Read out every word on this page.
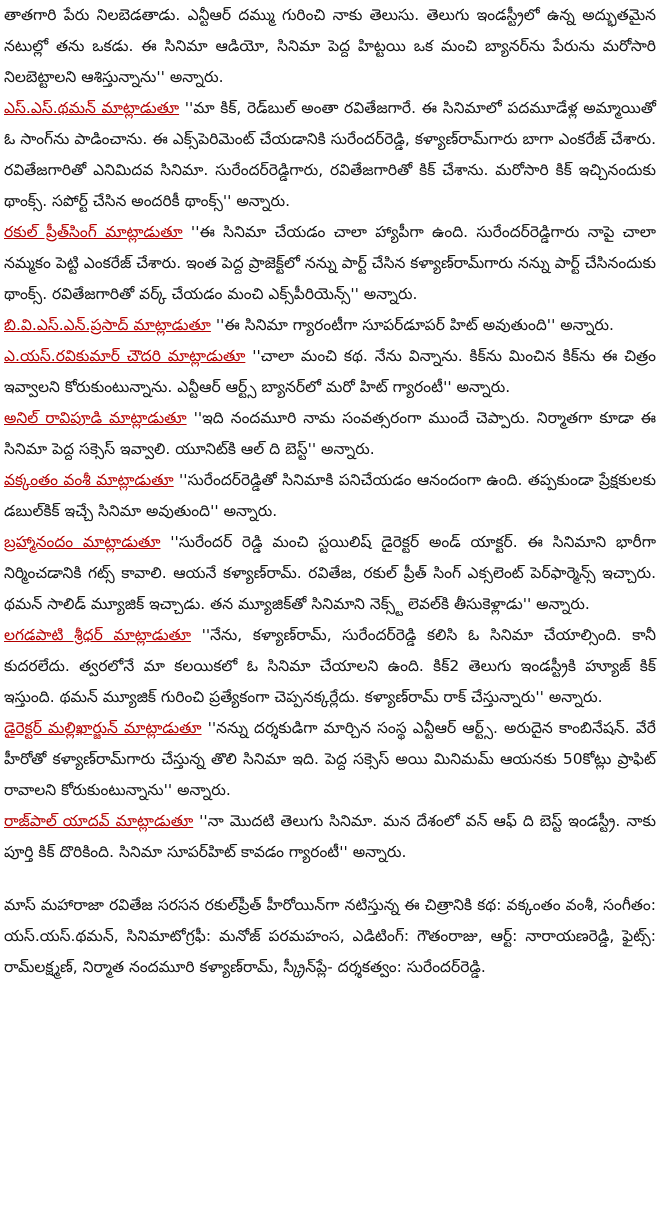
తాతగారి పేరు నిలబెడతాడు. ఎన్టీఆర్ దమ్ము గురించి నాకు తెలుసు. తెలుగు ఇండస్ట్రీలో ఉన్న అద్భుతమైన నటుల్లో తను ఒకడు. ఈ సినిమా ఆడియో, సినిమా పెద్ద హిట్టయి ఒక మంచి బ్యానర్‌ను పేరును మరోసారి నిలబెట్టాలని ఆశిస్తున్నాను'' అన్నారు.

ఎస్.ఎస్.థమన్ మాట్లాడుతూ ''మా కిక్, రెడ్‌బుల్ అంతా రవితేజగారే. ఈ సినిమాలో పదమూడేళ్ల అమ్మాయితో ఓ సాంగ్‌ను పాడించాను. ఈ ఎక్స్‌పెరిమెంట్ చేయడానికి సురేందర్‌రెడ్డి, కళ్యాణ్‌రామ్‌గారు బాగా ఎంకరేజ్ చేశారు. రవితేజగారితో ఎనిమిదవ సినిమా. సురేందర్‌రెడ్డిగారు, రవితేజగారితో కిక్ చేశాను. మరోసారి కిక్ ఇచ్చినందుకు థాంక్స్. సపోర్ట్ చేసిన అందరికీ థాంక్స్'' అన్నారు.

రకుల్ ప్రీత్‌సింగ్ మాట్లాడుతూ ''ఈ సినిమా చేయడం చాలా హ్యాపీగా ఉంది. సురేందర్‌రెడ్డిగారు నాపై చాలా నమ్మకం పెట్టి ఎంకరేజ్ చేశారు. ఇంత పెద్ద ప్రాజెక్ట్‌లో నన్ను పార్ట్ చేసిన కళ్యాణ్‌రామ్‌గారు నన్ను పార్ట్ చేసినందుకు థాంక్స్. రవితేజగారితో వర్క్ చేయడం మంచి ఎక్స్‌పీరియెన్స్'' అన్నారు.

బి.వి.ఎస్.ఎన్.ప్రసాద్ మాట్లాడుతూ ''ఈ సినిమా గ్యారంటీగా సూపర్‌డూపర్ హిట్ అవుతుంది'' అన్నారు.

ఎ.యస్.రవికుమార్ చౌదరి మాట్లాడుతూ ''చాలా మంచి కథ. నేను విన్నాను. కిక్‌ను మించిన కిక్‌ను ఈ చిత్రం ఇవ్వాలని కోరుకుంటున్నాను. ఎన్టీఆర్ ఆర్ట్స్ బ్యానర్‌లో మరో హిట్ గ్యారంటీ'' అన్నారు.

అనిల్ రావిపూడి మాట్లాడుతూ ''ఇది నందమూరి నామ సంవత్సరంగా ముందే చెప్పారు. నిర్మాతగా కూడా ఈ సినిమా పెద్ద సక్సెస్ ఇవ్వాలి. యూనిట్‌కి ఆల్ ది బెస్ట్'' అన్నారు.

వక్కంతం వంశీ మాట్లాడుతూ ''సురేందర్‌రెడ్డితో సినిమాకి పనిచేయడం ఆనందంగా ఉంది. తప్పకుండా ప్రేక్షకులకు డబుల్‌కిక్ ఇచ్చే సినిమా అవుతుంది'' అన్నారు.

బ్రహ్మానందం మాట్లాడుతూ ''సురేందర్ రెడ్డి మంచి స్టయిలిష్ డైరెక్టర్ అండ్ యాక్టర్. ఈ సినిమాని భారీగా నిర్మించడానికి గట్స్ కావాలి. ఆయనే కళ్యాణ్‌రామ్. రవితేజ, రకుల్ ప్రీత్ సింగ్ ఎక్సలెంట్ పెర్‌ఫార్మెన్స్ ఇచ్చారు. థమన్ సాలిడ్ మ్యూజిక్ ఇచ్చాడు. తన మ్యూజిక్‌తో సినిమాని నెక్స్ట్ లెవల్‌కి తీసుకెళ్లాడు'' అన్నారు.

లగడపాటి శ్రీధర్ మాట్లాడుతూ ''నేను, కళ్యాణ్‌రామ్, సురేందర్‌రెడ్డి కలిసి ఓ సినిమా చేయాల్సింది. కానీ కుదరలేదు. త్వరలోనే మా కలయికలో ఓ సినిమా చేయాలని ఉంది. కిక్2 తెలుగు ఇండస్ట్రీకి హ్యూజ్ కిక్ ఇస్తుంది. థమన్ మ్యూజిక్ గురించి ప్రత్యేకంగా చెప్పనక్కర్లేదు. కళ్యాణ్‌రామ్ రాక్ చేస్తున్నారు'' అన్నారు.

డైరెక్టర్ మల్లిఖార్జున్ మాట్లాడుతూ ''నన్ను దర్శకుడిగా మార్చిన సంస్థ ఎన్టీఆర్ ఆర్ట్స్. అరుదైన కాంబినేషన్. వేరే హీరోతో కళ్యాణ్‌రామ్‌గారు చేస్తున్న తొలి సినిమా ఇది. పెద్ద సక్సెస్ అయి మినిమమ్ ఆయనకు 50కోట్లు ప్రాఫిట్ రావాలని కోరుకుంటున్నాను'' అన్నారు.

రాజ్‌పాల్ యాదవ్ మాట్లాడుతూ ''నా మొదటి తెలుగు సినిమా. మన దేశంలో వన్ ఆఫ్ ది బెస్ట్ ఇండస్ట్రీ. నాకు పూర్తి కిక్ దొరికింది. సినిమా సూపర్‌హిట్ కావడం గ్యారంటీ'' అన్నారు.

మాస్ మహారాజా రవితేజ సరసన రకుల్‌ప్రీత్ హీరోయిన్‌గా నటిస్తున్న ఈ చిత్రానికి కథ: వక్కంతం వంశీ, సంగీతం: యస్.యస్.థమన్, సినిమాటోగ్రఫీ: మనోజ్ పరమహంస, ఎడిటింగ్: గౌతంరాజు, ఆర్ట్: నారాయణరెడ్డి, ఫైట్స్: రామ్‌లక్ష్మణ్, నిర్మాత నందమూరి కళ్యాణ్‌రామ్, స్క్రీన్‌ప్లే- దర్శకత్వం: సురేందర్‌రెడ్డి.
